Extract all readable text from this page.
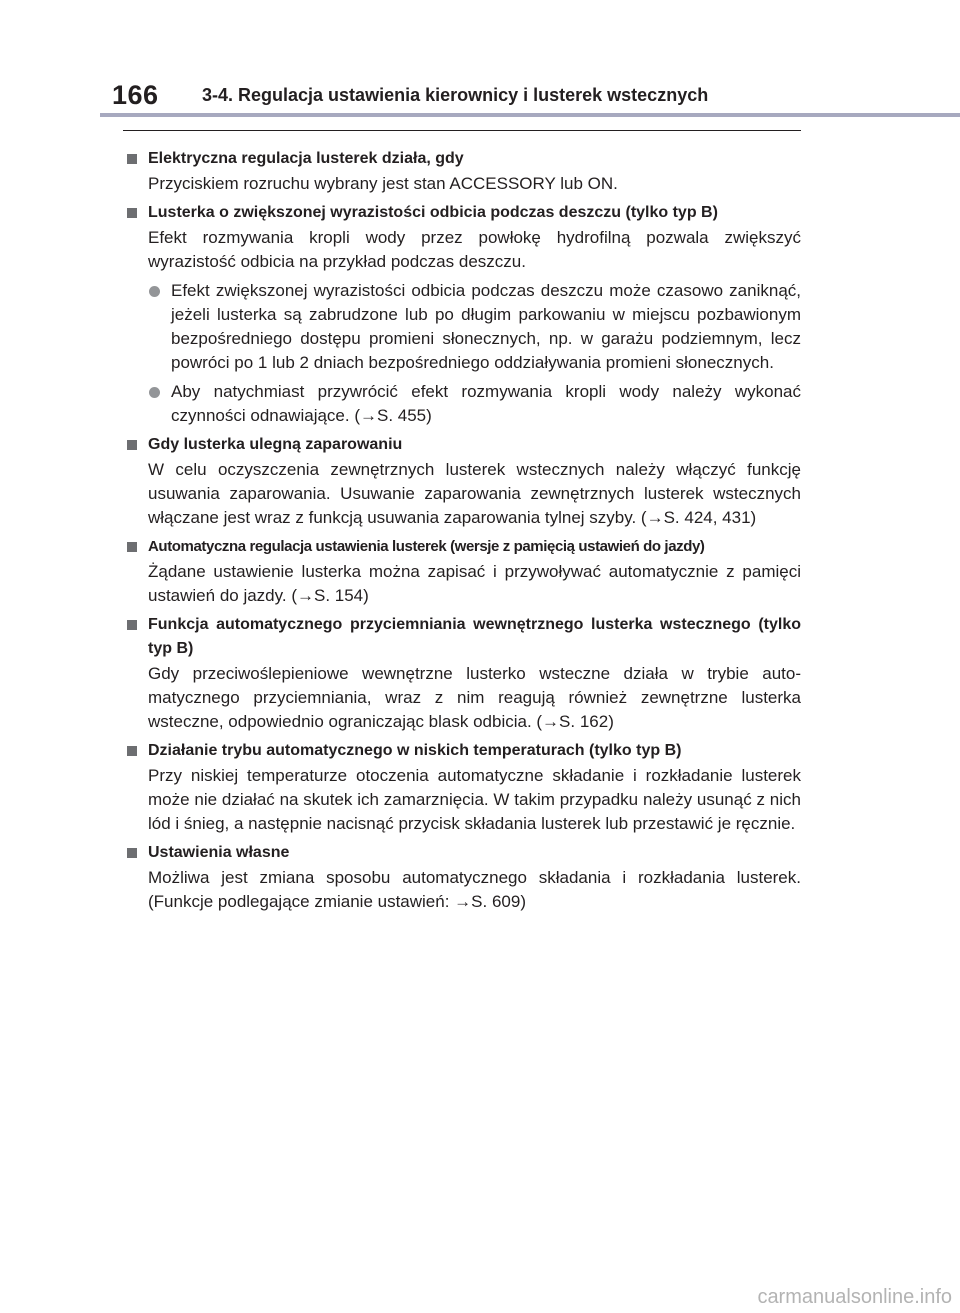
166 3-4. Regulacja ustawienia kierownicy i lusterek wstecznych
Elektryczna regulacja lusterek działa, gdy
Przyciskiem rozruchu wybrany jest stan ACCESSORY lub ON.
Lusterka o zwiększonej wyrazistości odbicia podczas deszczu (tylko typ B)
Efekt rozmywania kropli wody przez powłokę hydrofilną pozwala zwiększyć wyrazistość odbicia na przykład podczas deszczu.
Efekt zwiększonej wyrazistości odbicia podczas deszczu może czasowo zaniknąć, jeżeli lusterka są zabrudzone lub po długim parkowaniu w miejscu pozbawionym bezpośredniego dostępu promieni słonecznych, np. w garażu podziemnym, lecz powróci po 1 lub 2 dniach bezpośredniego oddziaływania promieni słonecznych.
Aby natychmiast przywrócić efekt rozmywania kropli wody należy wykonać czynności odnawiające. (→S. 455)
Gdy lusterka ulegną zaparowaniu
W celu oczyszczenia zewnętrznych lusterek wstecznych należy włączyć funkcję usuwania zaparowania. Usuwanie zaparowania zewnętrznych lusterek wstecznych włączane jest wraz z funkcją usuwania zaparowania tylnej szyby. (→S. 424, 431)
Automatyczna regulacja ustawienia lusterek (wersje z pamięcią ustawień do jazdy)
Żądane ustawienie lusterka można zapisać i przywoływać automatycznie z pamięci ustawień do jazdy. (→S. 154)
Funkcja automatycznego przyciemniania wewnętrznego lusterka wstecznego (tylko typ B)
Gdy przeciwoślepieniowe wewnętrzne lusterko wsteczne działa w trybie automatycznego przyciemniania, wraz z nim reagują również zewnętrzne lusterka wsteczne, odpowiednio ograniczając blask odbicia. (→S. 162)
Działanie trybu automatycznego w niskich temperaturach (tylko typ B)
Przy niskiej temperaturze otoczenia automatyczne składanie i rozkładanie lusterek może nie działać na skutek ich zamarznięcia. W takim przypadku należy usunąć z nich lód i śnieg, a następnie nacisnąć przycisk składania lusterek lub przestawić je ręcznie.
Ustawienia własne
Możliwa jest zmiana sposobu automatycznego składania i rozkładania lusterek. (Funkcje podlegające zmianie ustawień: →S. 609)
carmanualsonline.info
